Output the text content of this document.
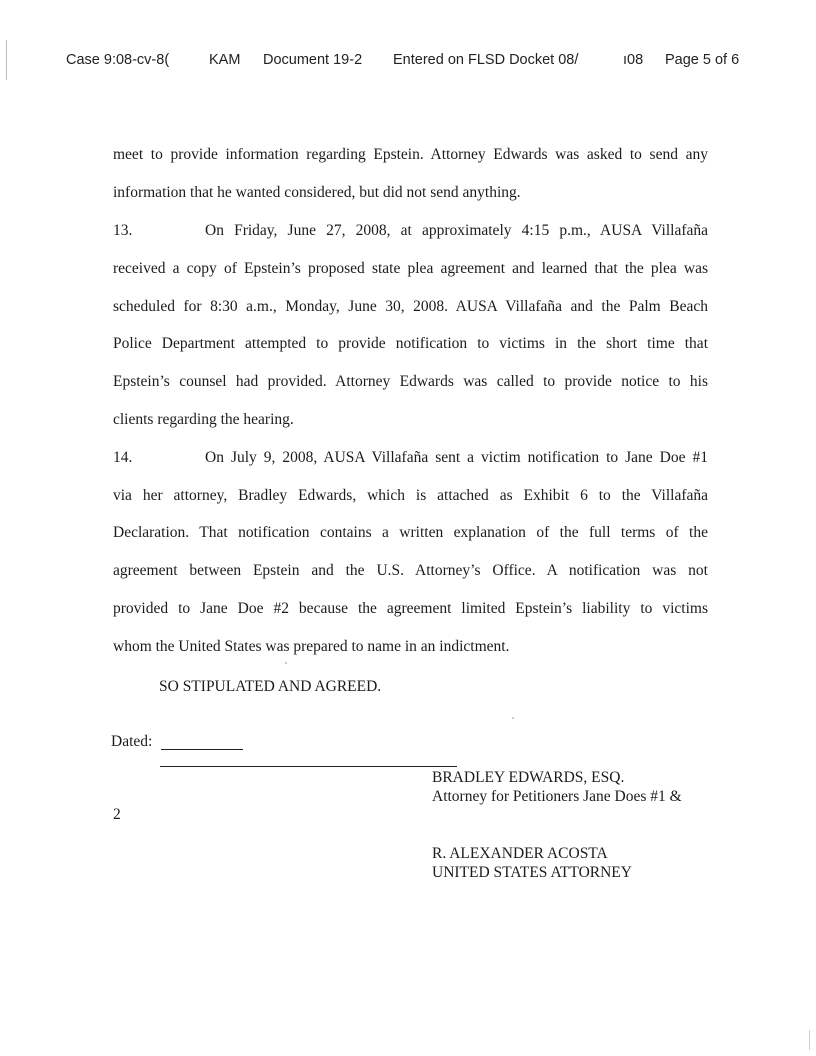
Case 9:08-cv-8(	KAM Document 19-2 Entered on FLSD Docket 08/	ı08 Page 5 of 6
meet to provide information regarding Epstein. Attorney Edwards was asked to send any
information that he wanted considered, but did not send anything.
13.	On Friday, June 27, 2008, at approximately 4:15 p.m., AUSA Villafaña
received a copy of Epstein’s proposed state plea agreement and learned that the plea was
scheduled for 8:30 a.m., Monday, June 30, 2008. AUSA Villafaña and the Palm Beach
Police Department attempted to provide notification to victims in the short time that
Epstein’s counsel had provided. Attorney Edwards was called to provide notice to his
clients regarding the hearing.
14.	On July 9, 2008, AUSA Villafaña sent a victim notification to Jane Doe #1
via her attorney, Bradley Edwards, which is attached as Exhibit 6 to the Villafaña
Declaration. That notification contains a written explanation of the full terms of the
agreement between Epstein and the U.S. Attorney’s Office. A notification was not
provided to Jane Doe #2 because the agreement limited Epstein’s liability to victims
whom the United States was prepared to name in an indictment.
SO STIPULATED AND AGREED.
Dated:
BRADLEY EDWARDS, ESQ.
Attorney for Petitioners Jane Does #1 &
2
R. ALEXANDER ACOSTA
UNITED STATES ATTORNEY
